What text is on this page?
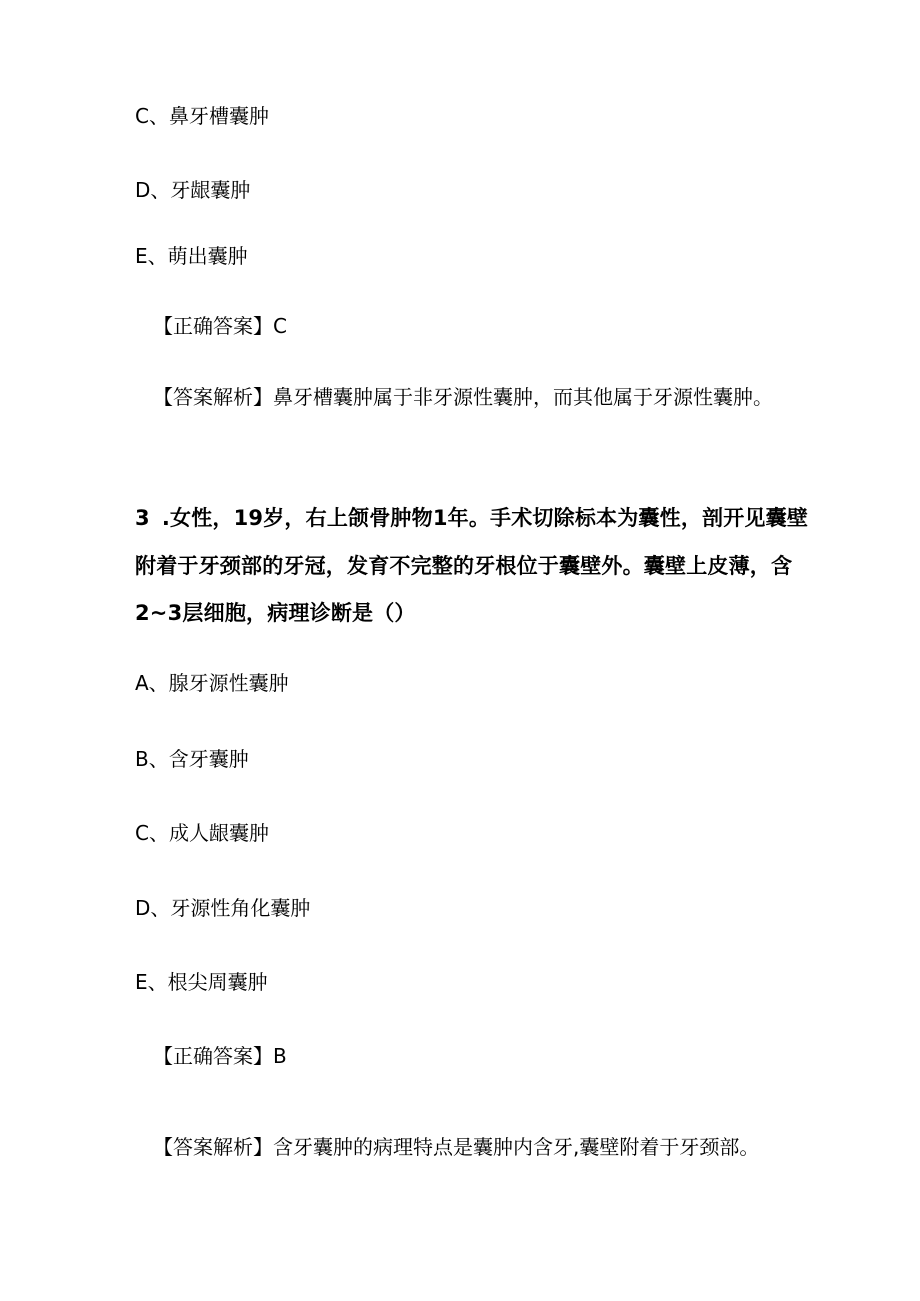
C、鼻牙槽囊肿
D、牙龈囊肿
E、萌出囊肿
【正确答案】C
【答案解析】鼻牙槽囊肿属于非牙源性囊肿，而其他属于牙源性囊肿。
3 .女性，19岁，右上颌骨肿物1年。手术切除标本为囊性，剖开见囊壁
附着于牙颈部的牙冠，发育不完整的牙根位于囊壁外。囊壁上皮薄，含
2~3层细胞，病理诊断是（）
A、腺牙源性囊肿
B、含牙囊肿
C、成人龈囊肿
D、牙源性角化囊肿
E、根尖周囊肿
【正确答案】B
【答案解析】含牙囊肿的病理特点是囊肿内含牙,囊壁附着于牙颈部。
